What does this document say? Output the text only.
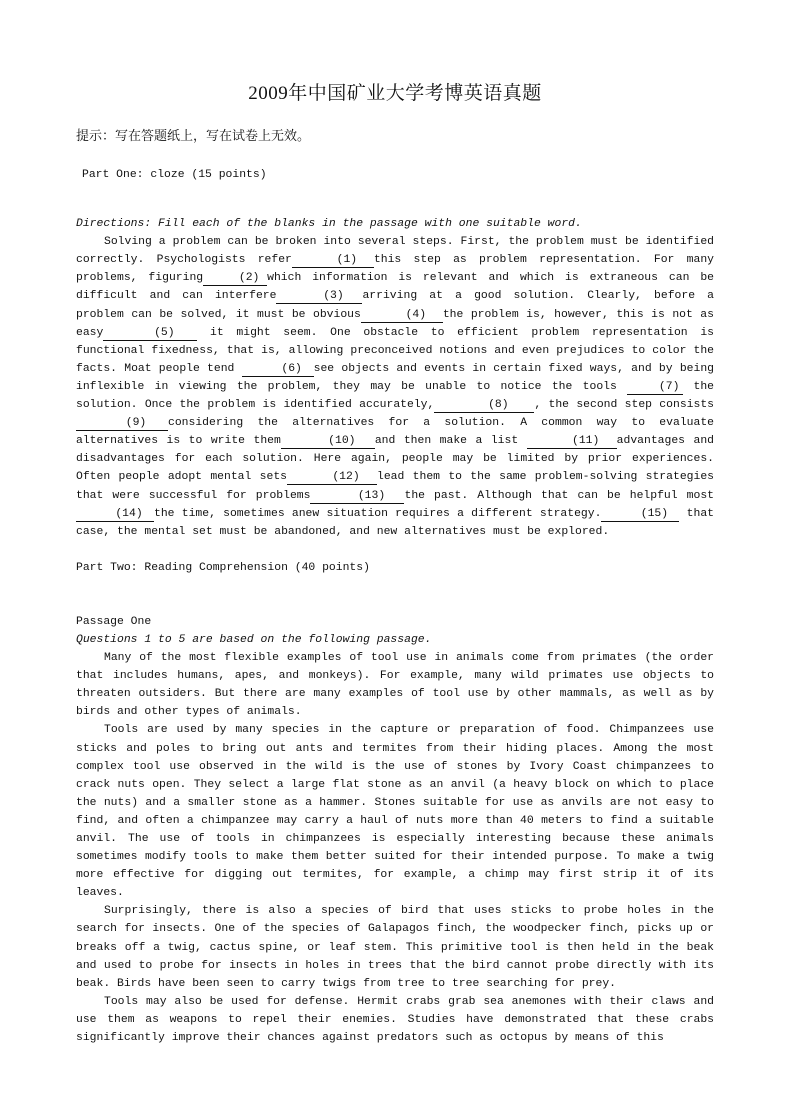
2009年中国矿业大学考博英语真题
提示：写在答题纸上，写在试卷上无效。
Part One: cloze (15 points)
Directions: Fill each of the blanks in the passage with one suitable word.

Solving a problem can be broken into several steps. First, the problem must be identified correctly. Psychologists refer	(1) this step as problem representation. For many problems, figuring	(2) which information is relevant and which is extraneous can be difficult and can interfere	(3) arriving at a good solution. Clearly, before a problem can be solved, it must be obvious	(4) the problem is, however, this is not as easy	(5) it might seem. One obstacle to efficient problem representation is functional fixedness, that is, allowing preconceived notions and even prejudices to color the facts. Moat people tend	(6) see objects and events in certain fixed ways, and by being inflexible in viewing the problem, they may be unable to notice the tools	(7) the solution. Once the problem is identified accurately,	(8) , the second step consists(9) considering the alternatives for a solution. A common way to evaluate alternatives is to write them	(10) and then make a list	(11) advantages and disadvantages for each solution. Here again, people may be limited by prior experiences. Often people adopt mental sets	(12) lead them to the same problem-solving strategies that were successful for problems	(13) the past. Although that can be helpful most (14) the time, sometimes anew situation requires a different strategy.	(15) that case, the mental set must be abandoned, and new alternatives must be explored.

Part Two: Reading Comprehension (40 points)
Passage One
Questions 1 to 5 are based on the following passage.

Many of the most flexible examples of tool use in animals come from primates (the order that includes humans, apes, and monkeys). For example, many wild primates use objects to threaten outsiders. But there are many examples of tool use by other mammals, as well as by birds and other types of animals.

Tools are used by many species in the capture or preparation of food. Chimpanzees use sticks and poles to bring out ants and termites from their hiding places. Among the most complex tool use observed in the wild is the use of stones by Ivory Coast chimpanzees to crack nuts open. They select a large flat stone as an anvil (a heavy block on which to place the nuts) and a smaller stone as a hammer. Stones suitable for use as anvils are not easy to find, and often a chimpanzee may carry a haul of nuts more than 40 meters to find a suitable anvil. The use of tools in chimpanzees is especially interesting because these animals sometimes modify tools to make them better suited for their intended purpose. To make a twig more effective for digging out termites, for example, a chimp may first strip it of its leaves.

Surprisingly, there is also a species of bird that uses sticks to probe holes in the search for insects. One of the species of Galapagos finch, the woodpecker finch, picks up or breaks off a twig, cactus spine, or leaf stem. This primitive tool is then held in the beak and used to probe for insects in holes in trees that the bird cannot probe directly with its beak. Birds have been seen to carry twigs from tree to tree searching for prey.

Tools may also be used for defense. Hermit crabs grab sea anemones with their claws and use them as weapons to repel their enemies. Studies have demonstrated that these crabs significantly improve their chances against predators such as octopus by means of this
